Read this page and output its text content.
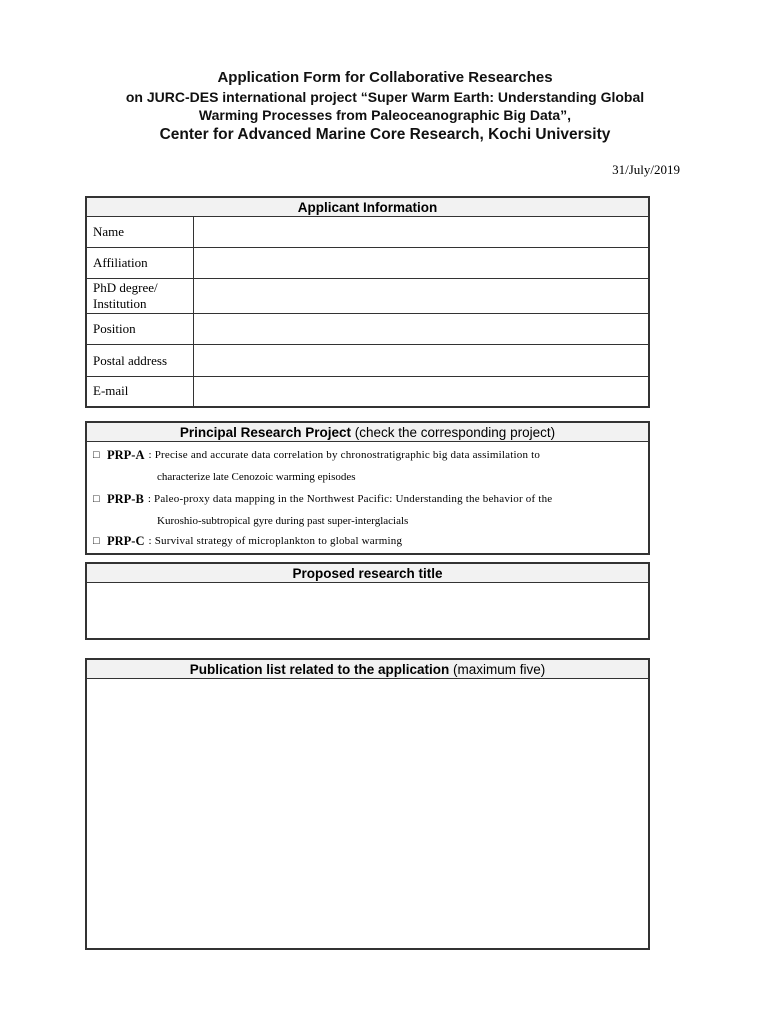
Application Form for Collaborative Researches
on JURC-DES international project “Super Warm Earth: Understanding Global
Warming Processes from Paleoceanographic Big Data”,
Center for Advanced Marine Core Research, Kochi University
31/July/2019
Applicant Information	
Name	
Affiliation	
PhD degree/
Institution	
Position	
Postal address	
E-mail	
Principal Research Project (check the corresponding project)

□ PRP-A : Precise and accurate data correlation by chronostratigraphic big data assimilation to
characterize late Cenozoic warming episodes
□ PRP-B : Paleo-proxy data mapping in the Northwest Pacific: Understanding the behavior of the
Kuroshio-subtropical gyre during past super-interglacials
□ PRP-C : Survival strategy of microplankton to global warming
Proposed research title

Publication list related to the application (maximum five)
